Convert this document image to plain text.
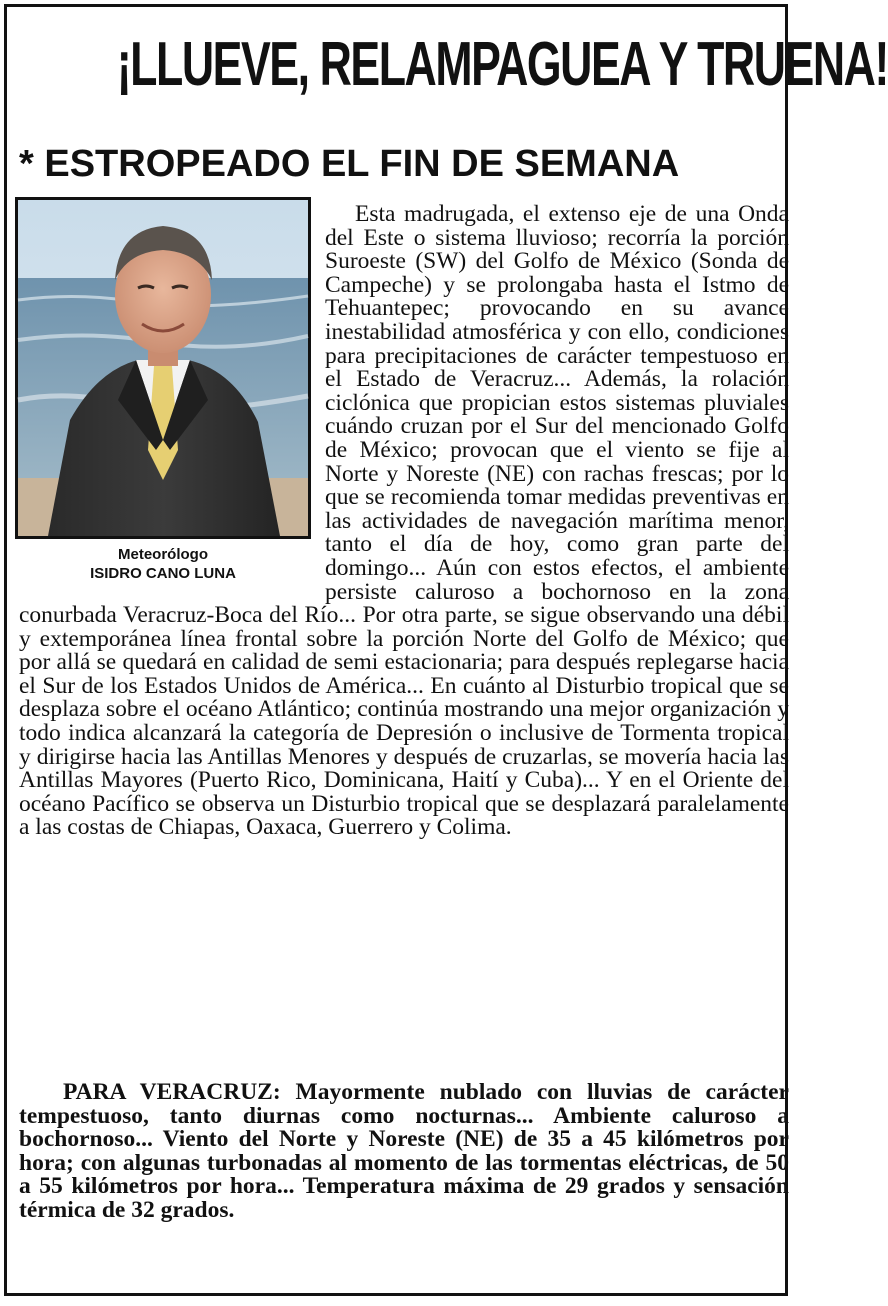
¡LLUEVE, RELAMPAGUEA Y TRUENA!
* ESTROPEADO EL FIN DE SEMANA
Meteorólogo
ISIDRO CANO LUNA

Esta madrugada, el extenso eje de una Onda del Este o sistema lluvioso; recorría la porción Suroeste (SW) del Golfo de México (Sonda de Campeche) y se prolongaba hasta el Istmo de Tehuantepec; provocando en su avance inestabilidad atmosférica y con ello, condiciones para precipitaciones de carácter tempestuoso en el Estado de Veracruz... Además, la rolación ciclónica que propician estos sistemas pluviales cuándo cruzan por el Sur del mencionado Golfo de México; provocan que el viento se fije al Norte y Noreste (NE) con rachas frescas; por lo que se recomienda tomar medidas preventivas en las actividades de navegación marítima menor, tanto el día de hoy, como gran parte del domingo... Aún con estos efectos, el ambiente persiste caluroso a bochornoso en la zona conurbada Veracruz-Boca del Río... Por otra parte, se sigue observando una débil y extemporánea línea frontal sobre la porción Norte del Golfo de México; que por allá se quedará en calidad de semi estacionaria; para después replegarse hacia el Sur de los Estados Unidos de América... En cuánto al Disturbio tropical que se desplaza sobre el océano Atlántico; continúa mostrando una mejor organización y todo indica alcanzará la categoría de Depresión o inclusive de Tormenta tropical y dirigirse hacia las Antillas Menores y después de cruzarlas, se movería hacia las Antillas Mayores (Puerto Rico, Dominicana, Haití y Cuba)... Y en el Oriente del océano Pacífico se observa un Disturbio tropical que se desplazará paralelamente a las costas de Chiapas, Oaxaca, Guerrero y Colima.

PARA VERACRUZ: Mayormente nublado con lluvias de carácter tempestuoso, tanto diurnas como nocturnas... Ambiente caluroso a bochornoso... Viento del Norte y Noreste (NE) de 35 a 45 kilómetros por hora; con algunas turbonadas al momento de las tormentas eléctricas, de 50 a 55 kilómetros por hora... Temperatura máxima de 29 grados y sensación térmica de 32 grados.
